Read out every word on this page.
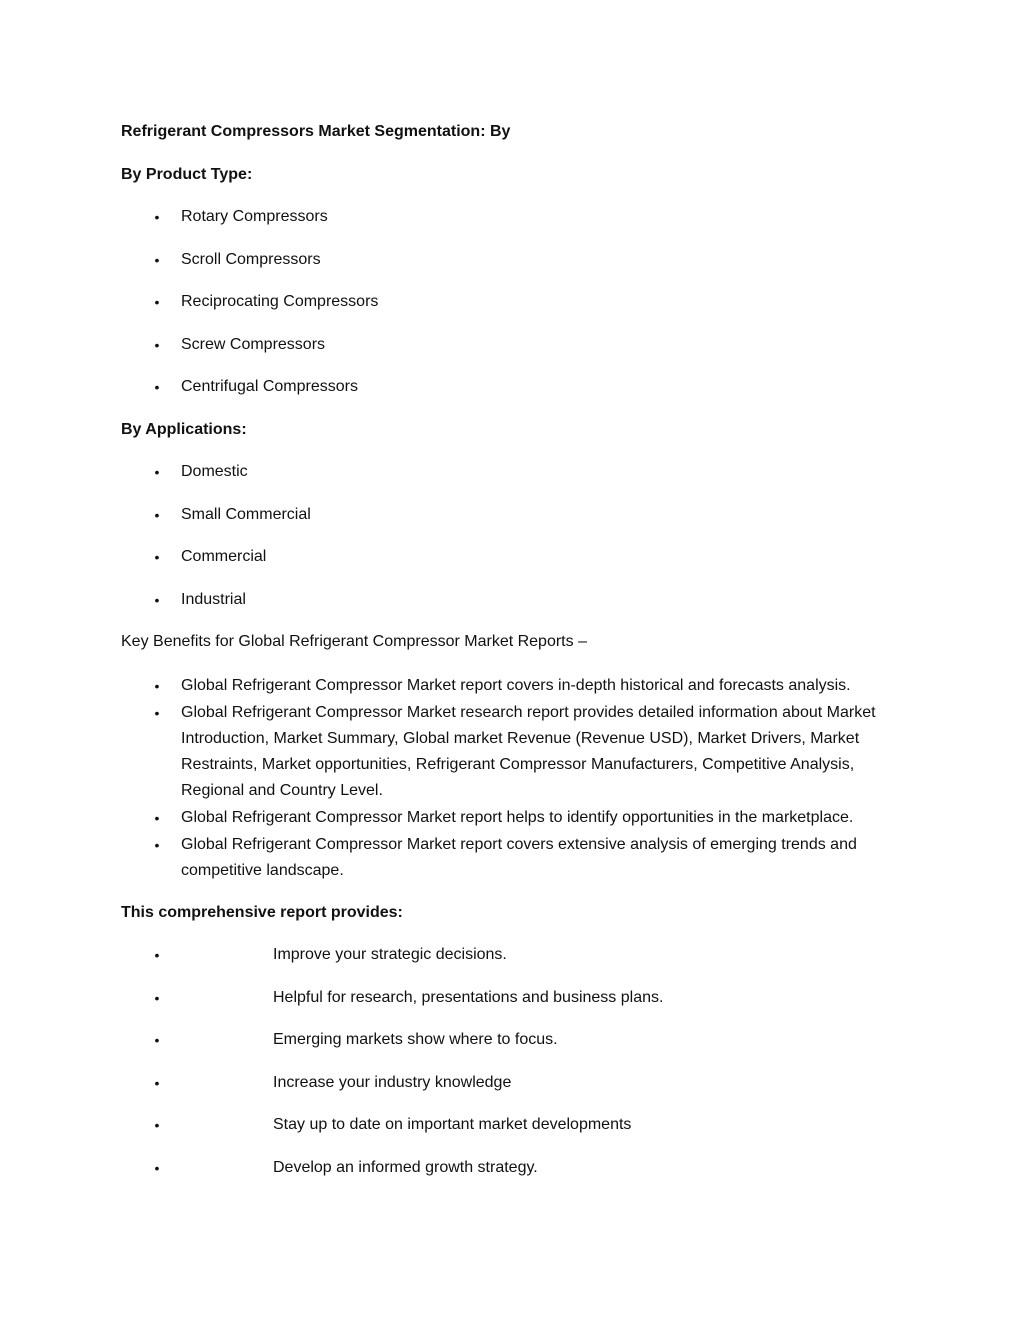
Refrigerant Compressors Market Segmentation: By
By Product Type:
• Rotary Compressors
• Scroll Compressors
• Reciprocating Compressors
• Screw Compressors
• Centrifugal Compressors
By Applications:
• Domestic
• Small Commercial
• Commercial
• Industrial
Key Benefits for Global Refrigerant Compressor Market Reports –
• Global Refrigerant Compressor Market report covers in-depth historical and forecasts analysis.
• Global Refrigerant Compressor Market research report provides detailed information about Market Introduction, Market Summary, Global market Revenue (Revenue USD), Market Drivers, Market Restraints, Market opportunities, Refrigerant Compressor Manufacturers, Competitive Analysis, Regional and Country Level.
• Global Refrigerant Compressor Market report helps to identify opportunities in the marketplace.
• Global Refrigerant Compressor Market report covers extensive analysis of emerging trends and competitive landscape.
This comprehensive report provides:
•	Improve your strategic decisions.
•	Helpful for research, presentations and business plans.
•	Emerging markets show where to focus.
•	Increase your industry knowledge
•	Stay up to date on important market developments
•	Develop an informed growth strategy.
